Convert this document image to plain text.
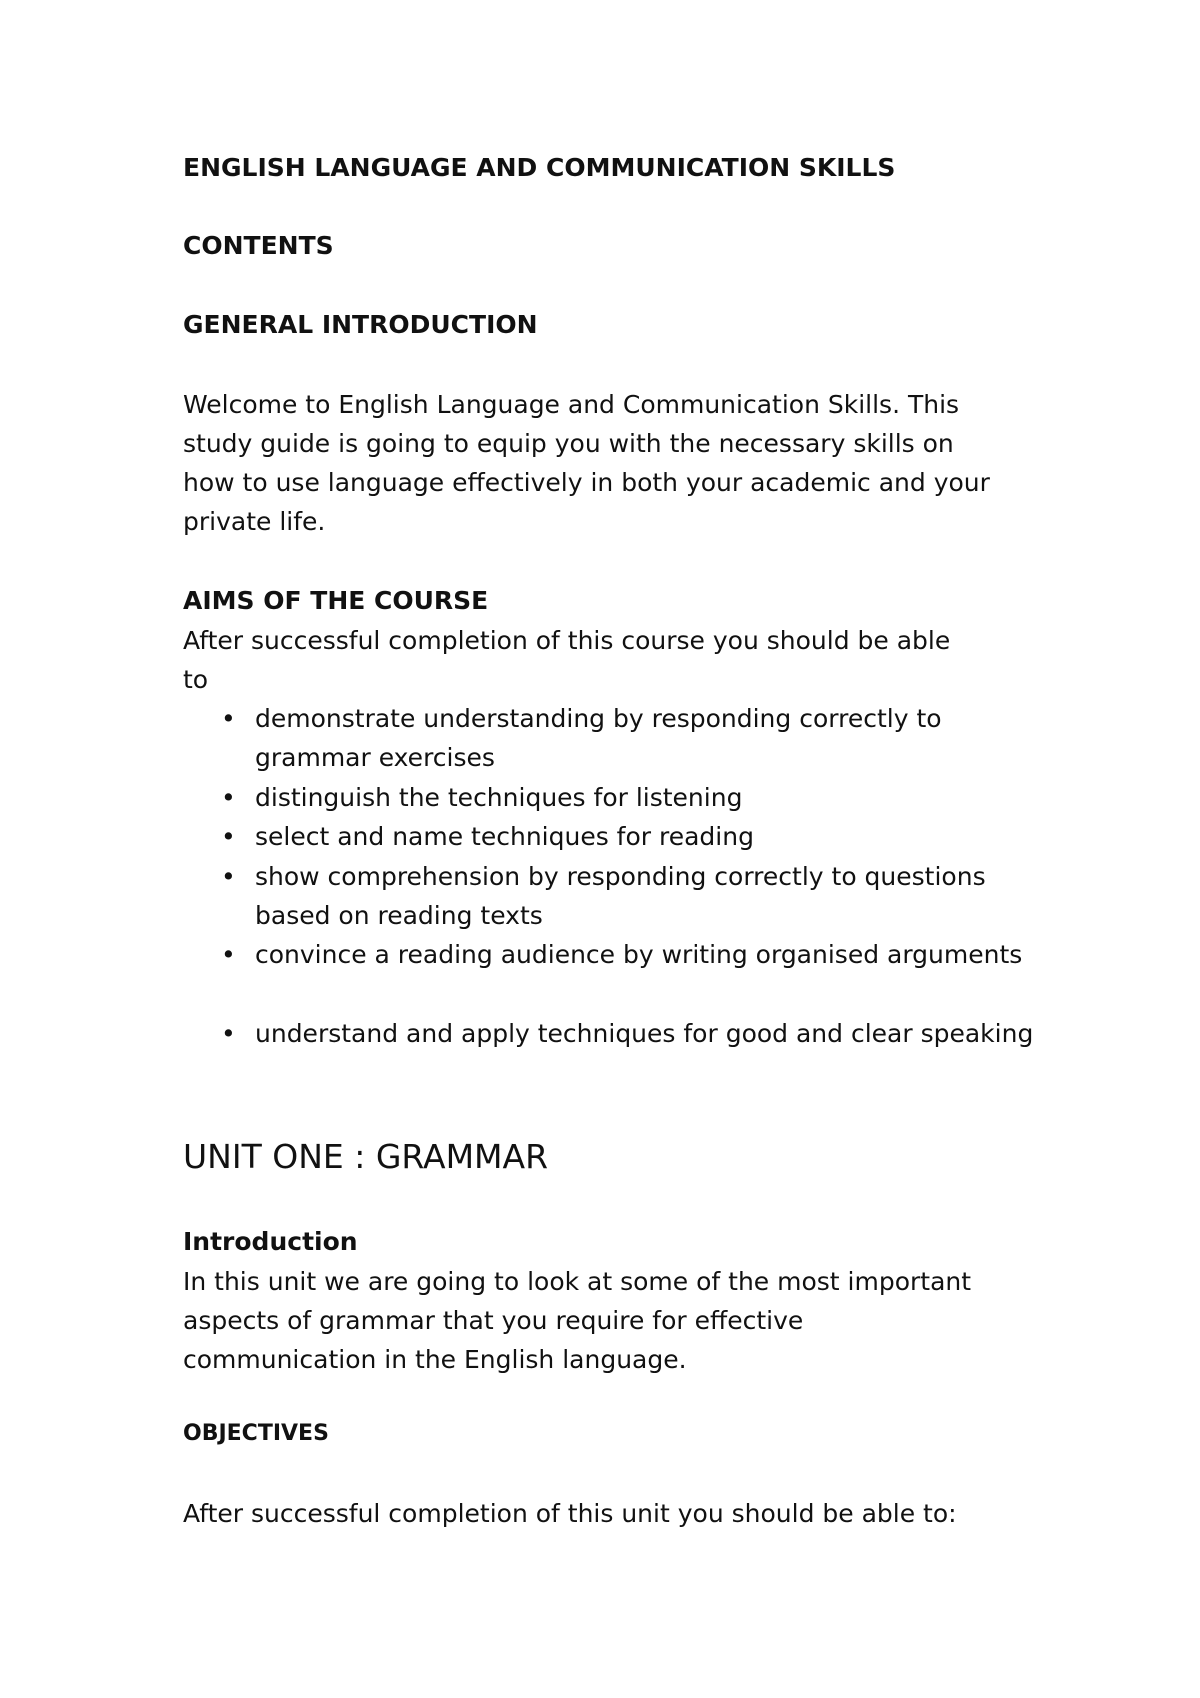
ENGLISH LANGUAGE AND COMMUNICATION SKILLS
CONTENTS
GENERAL INTRODUCTION
Welcome to English Language and Communication Skills. This
study guide is going to equip you with the necessary skills on
how to use language effectively in both your academic and your
private life.
AIMS OF THE COURSE
After successful completion of this course you should be able
to
• demonstrate understanding by responding correctly to grammar exercises
• distinguish the techniques for listening
• select and name techniques for reading
• show comprehension by responding correctly to questions based on reading texts
• convince a reading audience by writing organised arguments
• understand and apply techniques for good and clear speaking
UNIT ONE : GRAMMAR
Introduction
In this unit we are going to look at some of the most important
aspects of grammar that you require for effective
communication in the English language.
OBJECTIVES
After successful completion of this unit you should be able to:
